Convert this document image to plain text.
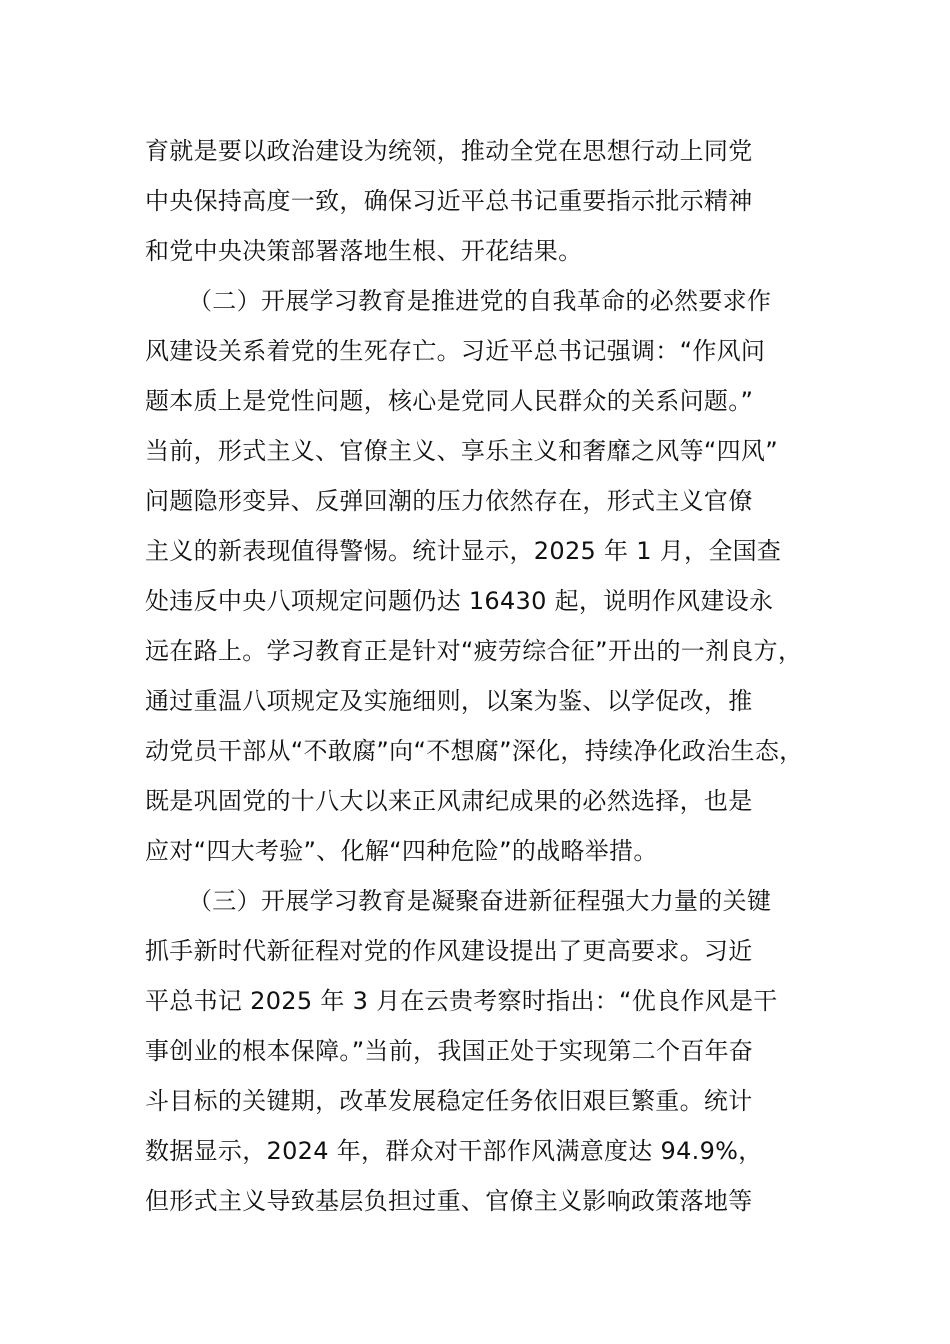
育就是要以政治建设为统领，推动全党在思想行动上同党
中央保持高度一致，确保习近平总书记重要指示批示精神
和党中央决策部署落地生根、开花结果。
（二）开展学习教育是推进党的自我革命的必然要求作
风建设关系着党的生死存亡。习近平总书记强调：“作风问
题本质上是党性问题，核心是党同人民群众的关系问题。”
当前，形式主义、官僚主义、享乐主义和奢靡之风等“四风”
问题隐形变异、反弹回潮的压力依然存在，形式主义官僚
主义的新表现值得警惕。统计显示，2025 年 1 月，全国查
处违反中央八项规定问题仍达 16430 起，说明作风建设永
远在路上。学习教育正是针对“疲劳综合征”开出的一剂良方，
通过重温八项规定及实施细则，以案为鉴、以学促改，推
动党员干部从“不敢腐”向“不想腐”深化，持续净化政治生态，
既是巩固党的十八大以来正风肃纪成果的必然选择，也是
应对“四大考验”、化解“四种危险”的战略举措。
（三）开展学习教育是凝聚奋进新征程强大力量的关键
抓手新时代新征程对党的作风建设提出了更高要求。习近
平总书记 2025 年 3 月在云贵考察时指出：“优良作风是干
事创业的根本保障。”当前，我国正处于实现第二个百年奋
斗目标的关键期，改革发展稳定任务依旧艰巨繁重。统计
数据显示，2024 年，群众对干部作风满意度达 94.9%，
但形式主义导致基层负担过重、官僚主义影响政策落地等
